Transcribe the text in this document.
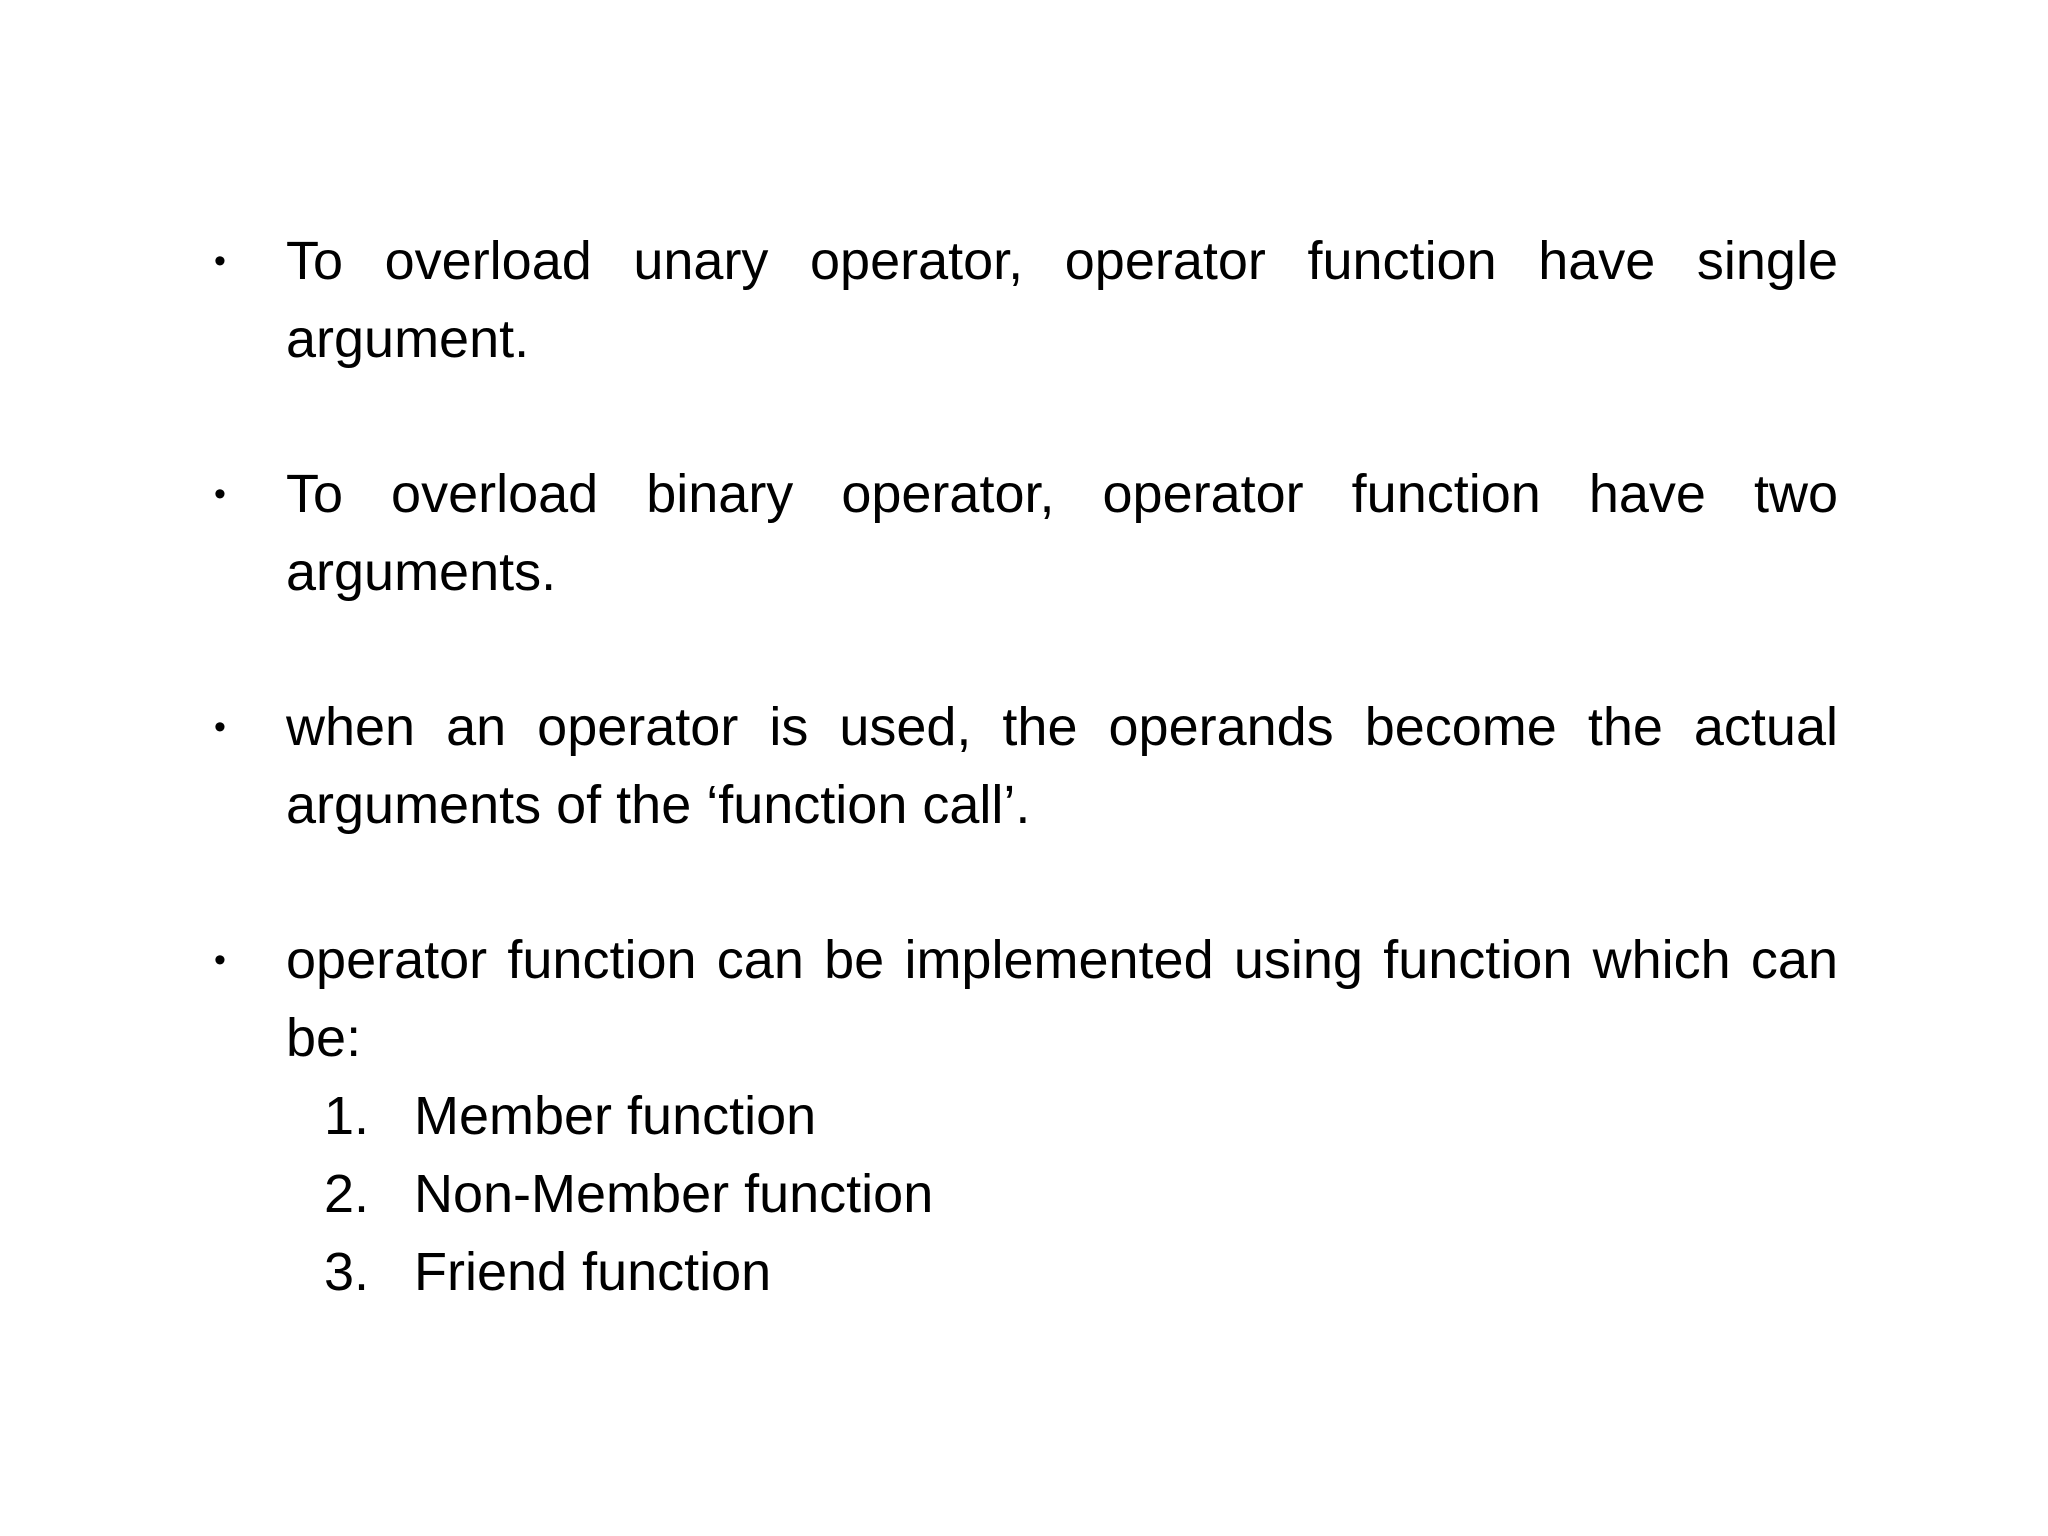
• To overload unary operator, operator function have single argument.
• To overload binary operator, operator function have two arguments.
• when an operator is used, the operands become the actual arguments of the ‘function call’.
• operator function can be implemented using function which can be:
1. Member function
2. Non-Member function
3. Friend function
